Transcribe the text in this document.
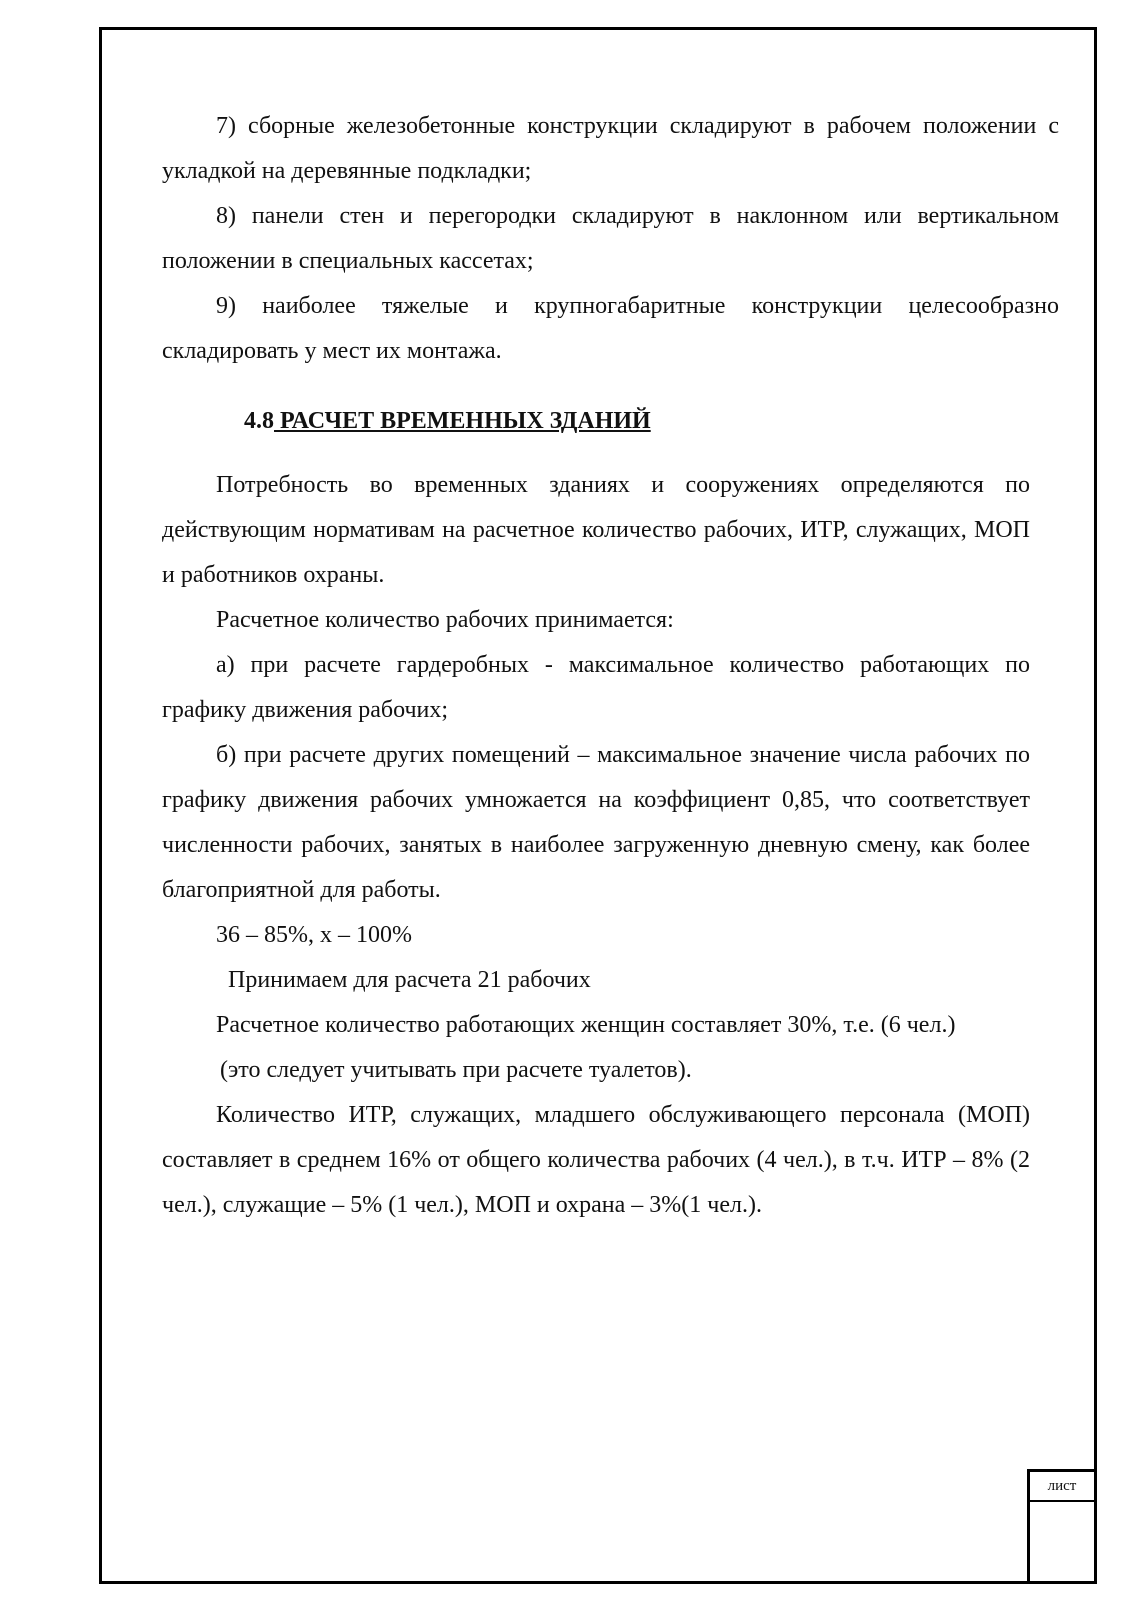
лист

7) сборные железобетонные конструкции складируют в рабочем положении с укладкой на деревянные подкладки;

8) панели стен и перегородки складируют в наклонном или вертикальном положении в специальных кассетах;

9) наиболее тяжелые и крупногабаритные конструкции целесообразно складировать у мест их монтажа.

4.8 РАСЧЕТ ВРЕМЕННЫХ ЗДАНИЙ

Потребность во временных зданиях и сооружениях определяются по действующим нормативам на расчетное количество рабочих, ИТР, служащих, МОП и работников охраны.

Расчетное количество рабочих принимается:

а) при расчете гардеробных - максимальное количество работающих по графику движения рабочих;

б) при расчете других помещений – максимальное значение числа рабочих по графику движения рабочих умножается на коэффициент 0,85, что соответствует численности рабочих, занятых в наиболее загруженную дневную смену, как более благоприятной для работы.

36 – 85%, х – 100%

Принимаем для расчета 21 рабочих

Расчетное количество работающих женщин составляет 30%, т.е. (6 чел.)

(это следует учитывать при расчете туалетов).

Количество ИТР, служащих, младшего обслуживающего персонала (МОП) составляет в среднем 16% от общего количества рабочих (4 чел.), в т.ч. ИТР – 8% (2 чел.), служащие – 5% (1 чел.), МОП и охрана – 3%(1 чел.).
